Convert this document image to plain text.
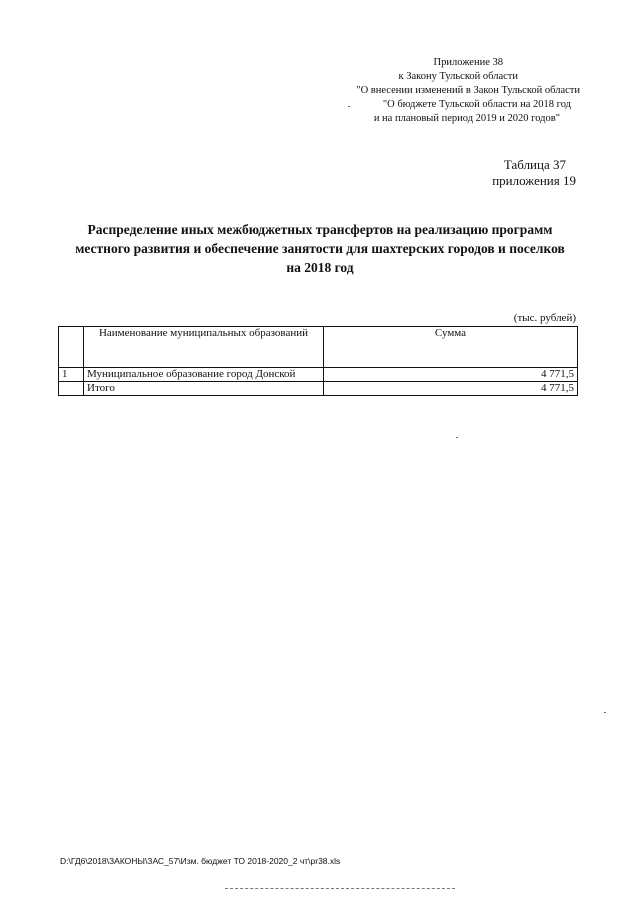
Приложение 38
к Закону Тульской области
"О внесении изменений в Закон Тульской области
"О бюджете Тульской области на 2018 год
и на плановый период 2019 и 2020 годов"
Таблица 37
приложения 19
Распределение иных межбюджетных трансфертов на реализацию программ
местного развития и обеспечение занятости для шахтерских городов и поселков
на 2018 год
(тыс. рублей)
	Наименование муниципальных образований	Сумма
1	Муниципальное образование город Донской	4 771,5
	Итого	4 771,5
D:\ГД6\2018\ЗАКОНЫ\ЗАС_57\Изм. бюджет ТО 2018-2020_2 чт\pr38.xls
